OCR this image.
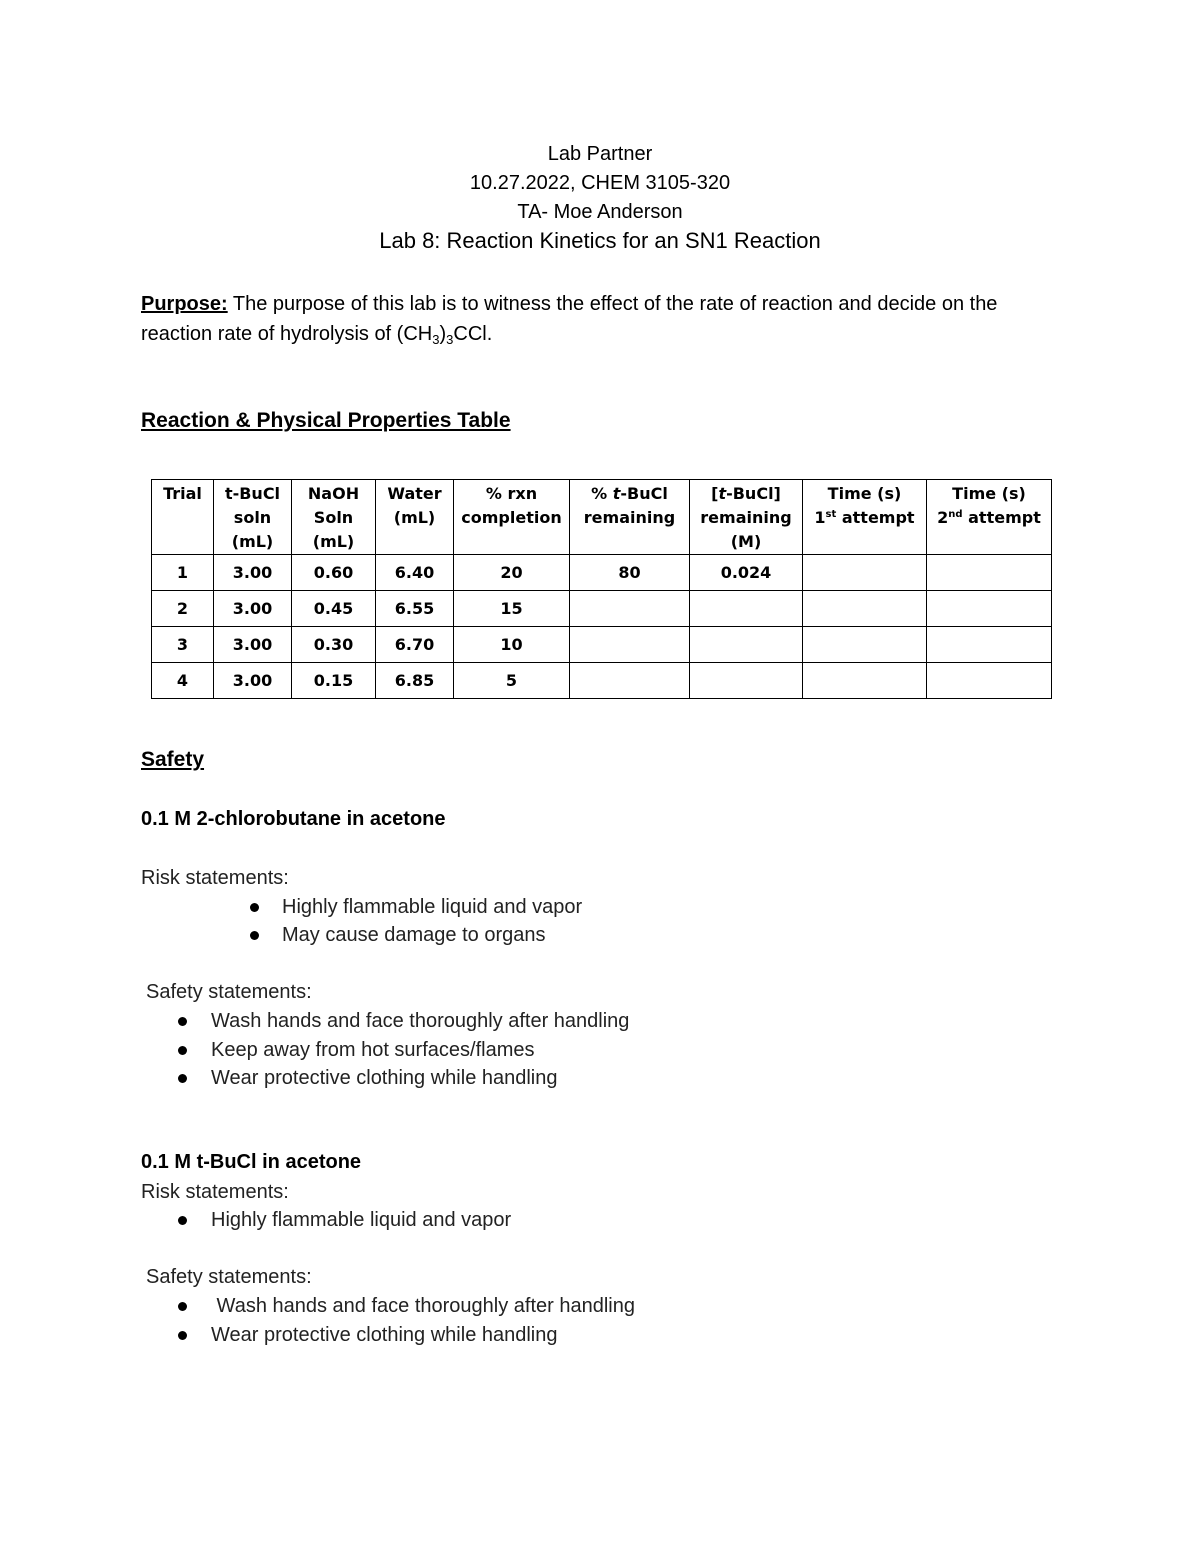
Lab Partner
10.27.2022, CHEM 3105-320
TA- Moe Anderson
Lab 8: Reaction Kinetics for an SN1 Reaction
Purpose: The purpose of this lab is to witness the effect of the rate of reaction and decide on the reaction rate of hydrolysis of $(CH_3)_3CCl$.
Reaction & Physical Properties Table
Trial	t-BuCl
soln
(mL)	NaOH
Soln
(mL)	Water
(mL)	% rxn
completion	% t-BuCl
remaining	[t-BuCl]
remaining
(M)	Time (s)
1st attempt	Time (s)
2nd attempt

1	3.00	0.60	6.40	20	80	0.024		
2	3.00	0.45	6.55	15				
3	3.00	0.30	6.70	10				
4	3.00	0.15	6.85	5				
Safety
0.1 M 2-chlorobutane in acetone
Risk statements:
Highly flammable liquid and vapor
May cause damage to organs
Safety statements:
Wash hands and face thoroughly after handling
Keep away from hot surfaces/flames
Wear protective clothing while handling
0.1 M t-BuCl in acetone
Risk statements:
Highly flammable liquid and vapor
Safety statements:
Wash hands and face thoroughly after handling
Wear protective clothing while handling
